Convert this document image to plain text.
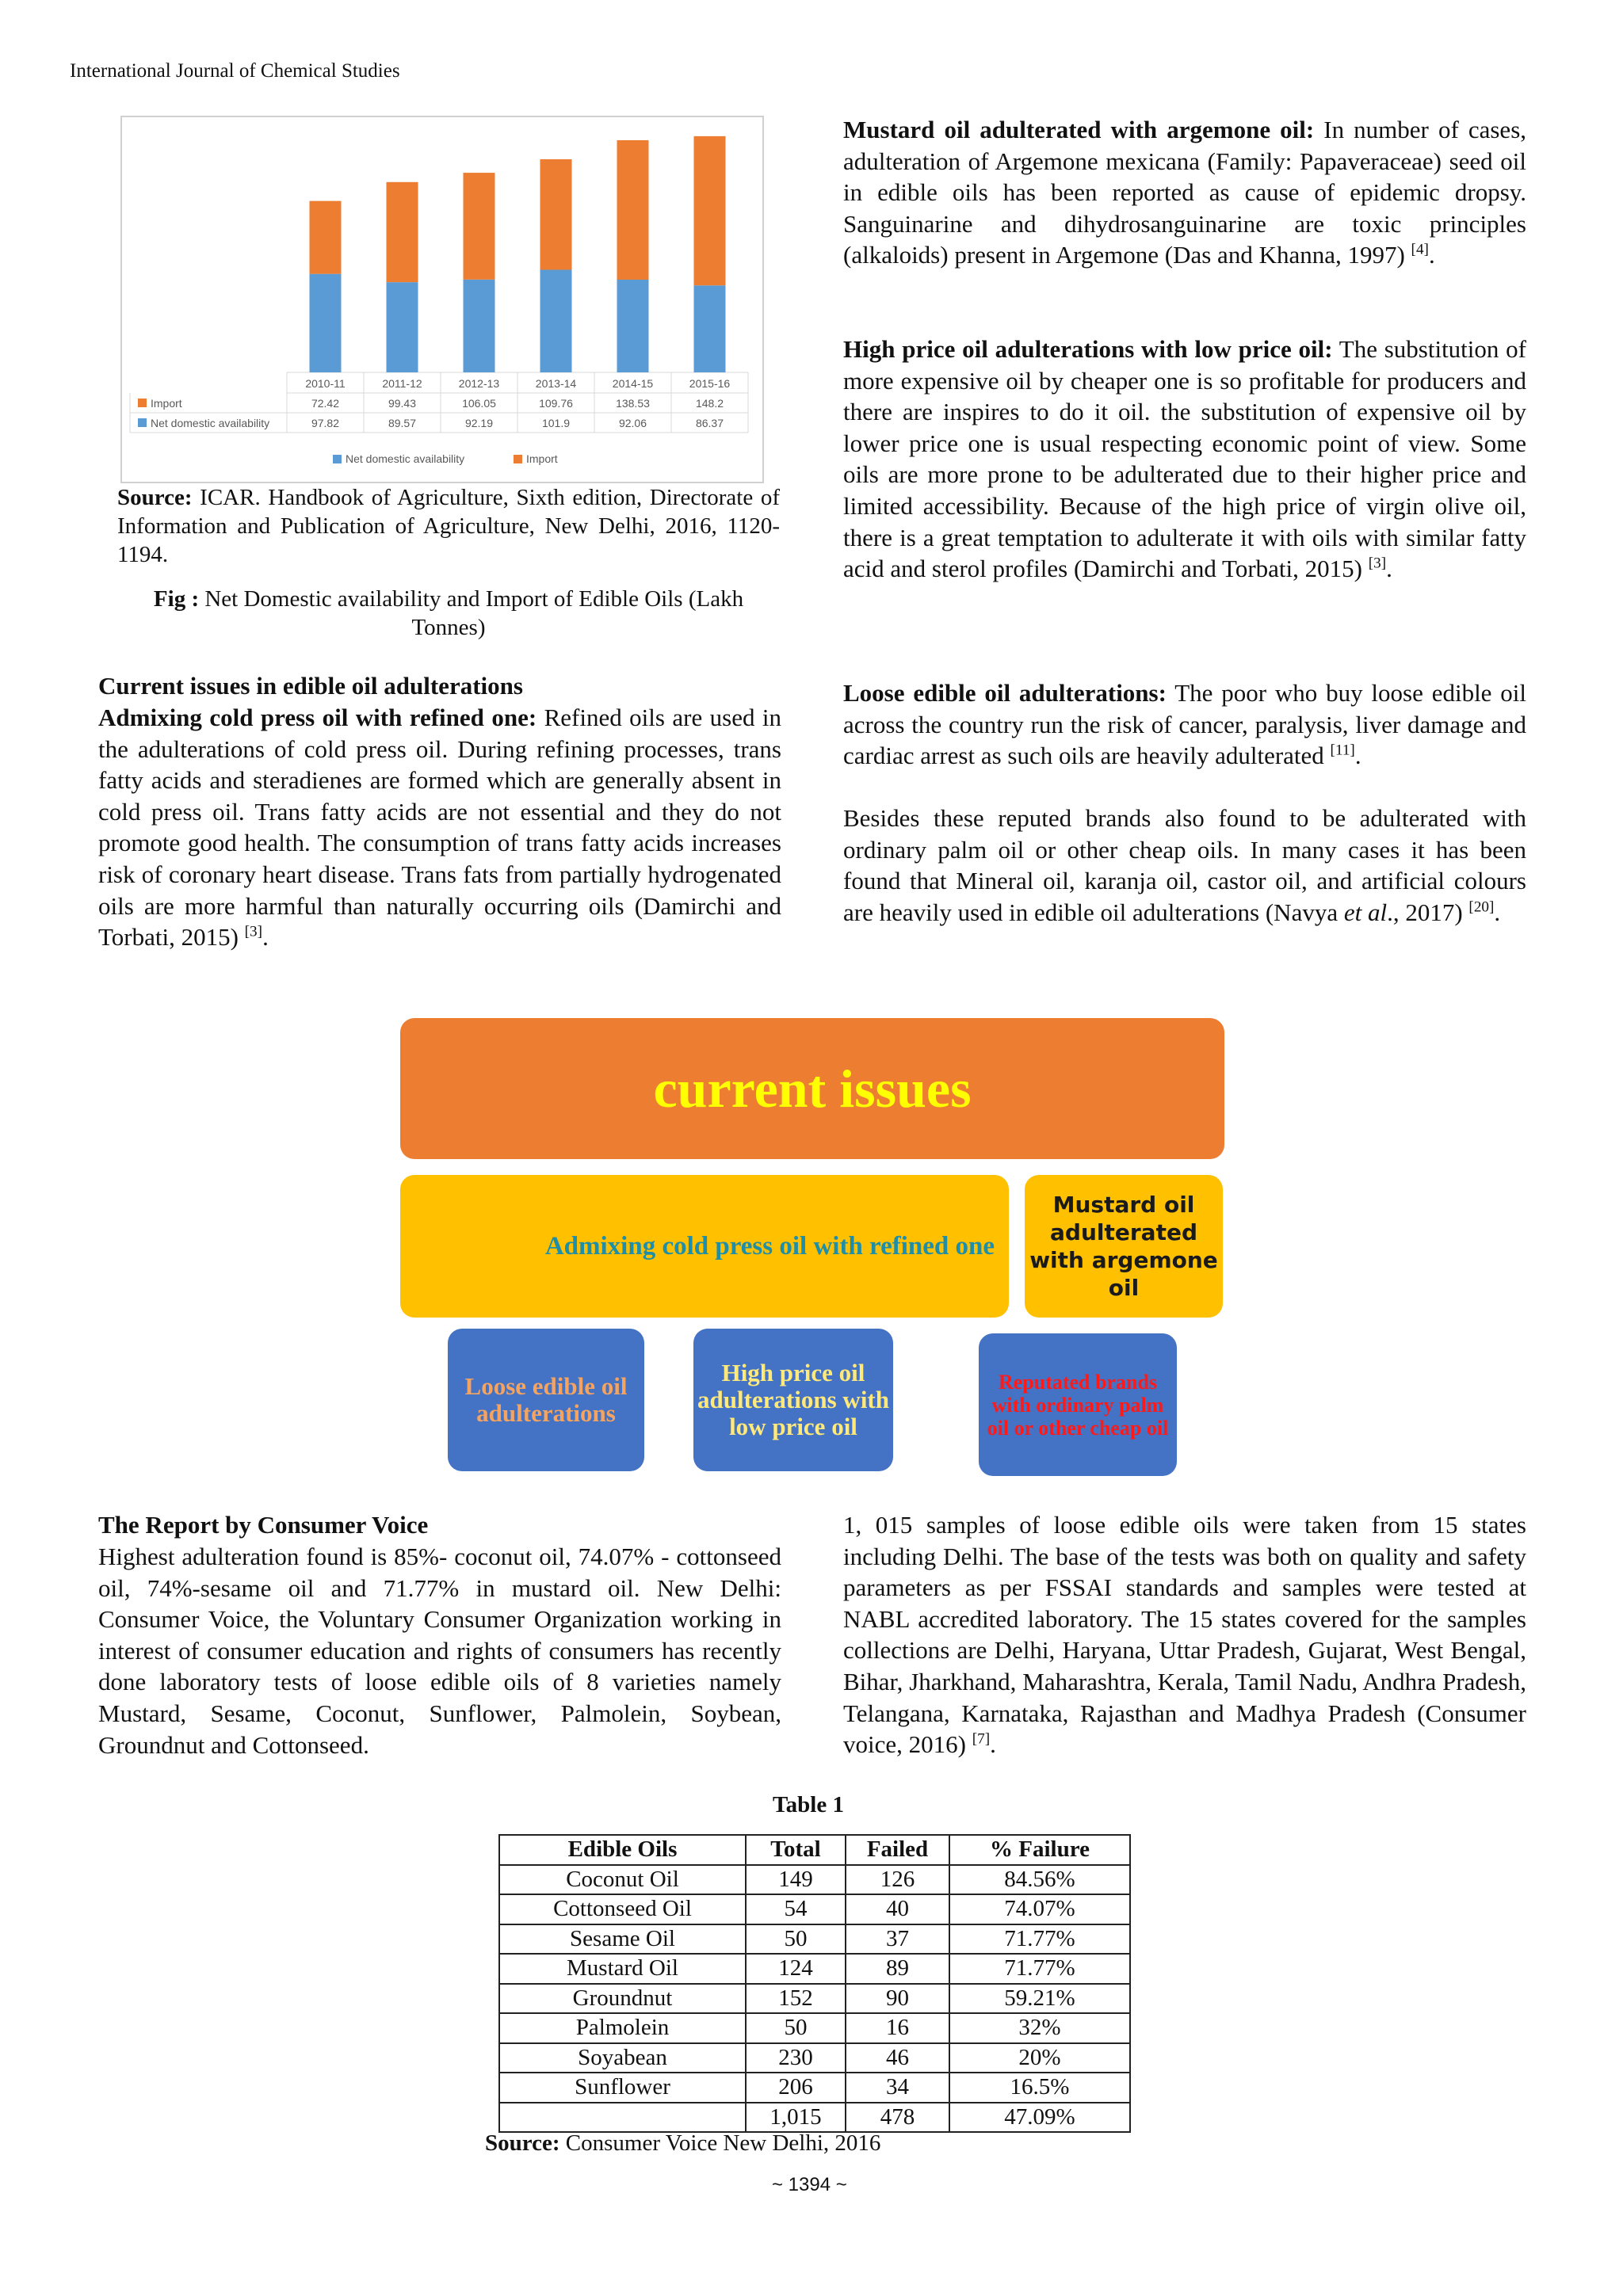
International Journal of Chemical Studies
2010-11	2011-12	2012-13	2013-14	2014-15	2015-16
Import	72.42	99.43	106.05	109.76	138.53	148.2
Net domestic availability	97.82	89.57	92.19	101.9	92.06	86.37
Net domestic availability	Import
Source: ICAR. Handbook of Agriculture, Sixth edition, Directorate of Information and Publication of Agriculture, New Delhi, 2016, 1120-1194.
Fig : Net Domestic availability and Import of Edible Oils (Lakh Tonnes)
Current issues in edible oil adulterations

Admixing cold press oil with refined one: Refined oils are used in the adulterations of cold press oil. During refining processes, trans fatty acids and steradienes are formed which are generally absent in cold press oil. Trans fatty acids are not essential and they do not promote good health. The consumption of trans fatty acids increases risk of coronary heart disease. Trans fats from partially hydrogenated oils are more harmful than naturally occurring oils (Damirchi and Torbati, 2015) [3].

Mustard oil adulterated with argemone oil: In number of cases, adulteration of Argemone mexicana (Family: Papaveraceae) seed oil in edible oils has been reported as cause of epidemic dropsy. Sanguinarine and dihydrosanguinarine are toxic principles (alkaloids) present in Argemone (Das and Khanna, 1997) [4].

High price oil adulterations with low price oil: The substitution of more expensive oil by cheaper one is so profitable for producers and there are inspires to do it oil. the substitution of expensive oil by lower price one is usual respecting economic point of view. Some oils are more prone to be adulterated due to their higher price and limited accessibility. Because of the high price of virgin olive oil, there is a great temptation to adulterate it with oils with similar fatty acid and sterol profiles (Damirchi and Torbati, 2015) [3].

Loose edible oil adulterations: The poor who buy loose edible oil across the country run the risk of cancer, paralysis, liver damage and cardiac arrest as such oils are heavily adulterated [11].

Besides these reputed brands also found to be adulterated with ordinary palm oil or other cheap oils. In many cases it has been found that Mineral oil, karanja oil, castor oil, and artificial colours are heavily used in edible oil adulterations (Navya et al., 2017) [20].

current issues
Admixing cold press oil with refined one
Mustard oil adulterated with argemone oil
Loose edible oil adulterations
High price oil adulterations with low price oil
Reputated brands with ordinary palm oil or other cheap oil
The Report by Consumer Voice

Highest adulteration found is 85%- coconut oil, 74.07% - cottonseed oil, 74%-sesame oil and 71.77% in mustard oil. New Delhi: Consumer Voice, the Voluntary Consumer Organization working in interest of consumer education and rights of consumers has recently done laboratory tests of loose edible oils of 8 varieties namely Mustard, Sesame, Coconut, Sunflower, Palmolein, Soybean, Groundnut and Cottonseed.

1, 015 samples of loose edible oils were taken from 15 states including Delhi. The base of the tests was both on quality and safety parameters as per FSSAI standards and samples were tested at NABL accredited laboratory. The 15 states covered for the samples collections are Delhi, Haryana, Uttar Pradesh, Gujarat, West Bengal, Bihar, Jharkhand, Maharashtra, Kerala, Tamil Nadu, Andhra Pradesh, Telangana, Karnataka, Rajasthan and Madhya Pradesh (Consumer voice, 2016) [7].

Table 1
Edible Oils	Total	Failed	% Failure
Coconut Oil	149	126	84.56%
Cottonseed Oil	54	40	74.07%
Sesame Oil	50	37	71.77%
Mustard Oil	124	89	71.77%
Groundnut	152	90	59.21%
Palmolein	50	16	32%
Soyabean	230	46	20%
Sunflower	206	34	16.5%
	1,015	478	47.09%
Source: Consumer Voice New Delhi, 2016
~ 1394 ~
